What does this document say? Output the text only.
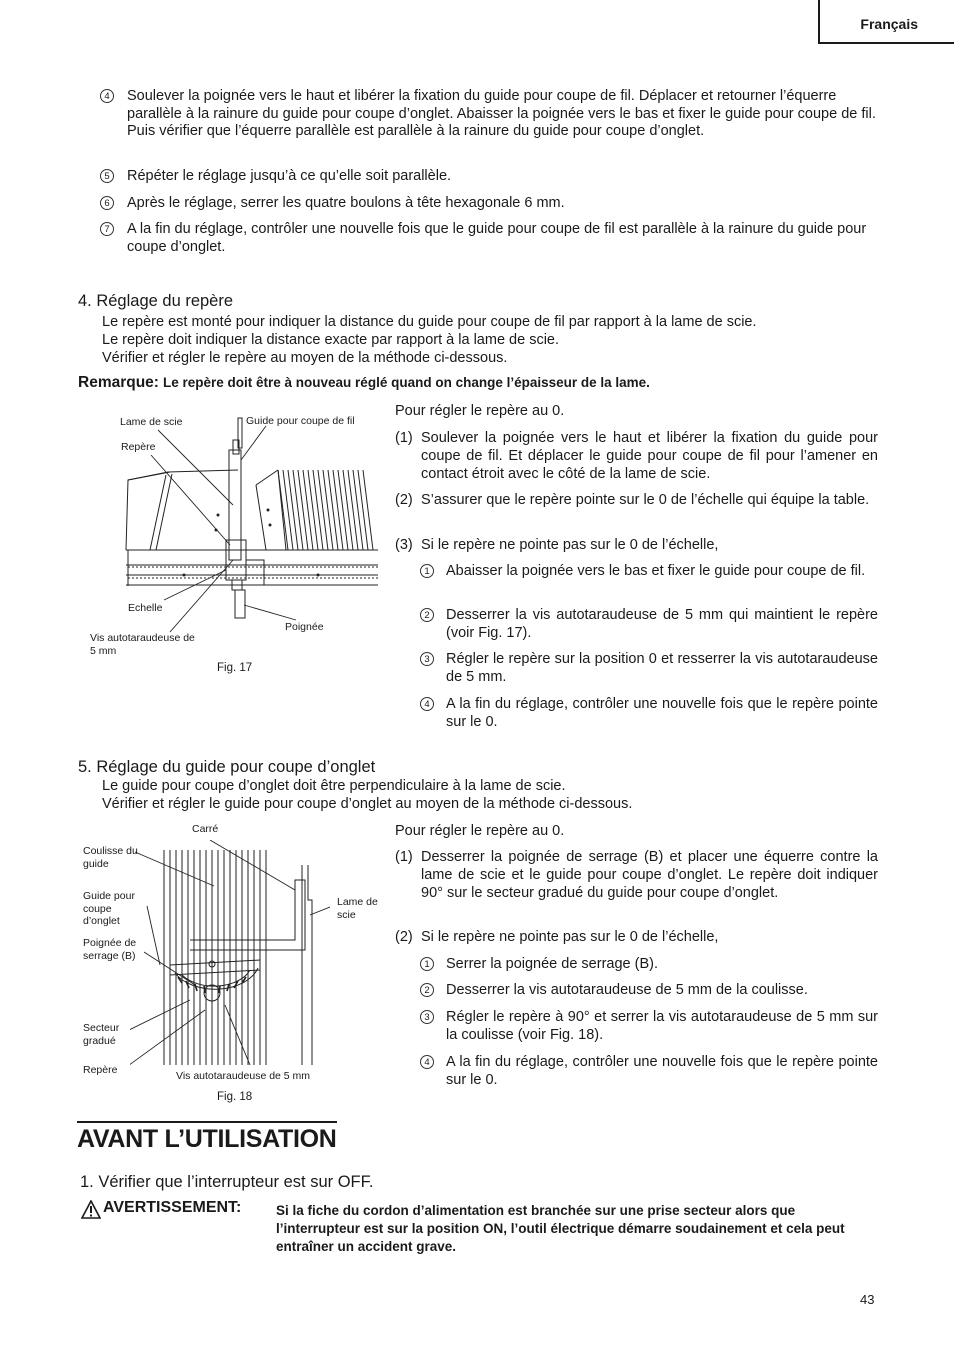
Français
4	Soulever la poignée vers le haut et libérer la fixation du guide pour coupe de fil. Déplacer et retourner l’équerre parallèle à la rainure du guide pour coupe d’onglet. Abaisser la poignée vers le bas et fixer le guide pour coupe de fil. Puis vérifier que l’équerre parallèle est parallèle à la rainure du guide pour coupe d’onglet.
5	Répéter le réglage jusqu’à ce qu’elle soit parallèle.
6	Après le réglage, serrer les quatre boulons à tête hexagonale 6 mm.
7	A la fin du réglage, contrôler une nouvelle fois que le guide pour coupe de fil est parallèle à la rainure du guide pour coupe d’onglet.
4. Réglage du repère
Le repère est monté pour indiquer la distance du guide pour coupe de fil par rapport à la lame de scie.
Le repère doit indiquer la distance exacte par rapport à la lame de scie.
Vérifier et régler le repère au moyen de la méthode ci-dessous.
Remarque: Le repère doit être à nouveau réglé quand on change l’épaisseur de la lame.
Lame de scie	Guide pour coupe de fil
Repère
Echelle
Poignée
Vis autotaraudeuse de 5 mm
Fig. 17
Pour régler le repère au 0.
(1) Soulever la poignée vers le haut et libérer la fixation du guide pour coupe de fil. Et déplacer le guide pour coupe de fil pour l’amener en contact étroit avec le côté de la lame de scie.
(2) S’assurer que le repère pointe sur le 0 de l’échelle qui équipe la table.
(3) Si le repère ne pointe pas sur le 0 de l’échelle,
1	Abaisser la poignée vers le bas et fixer le guide pour coupe de fil.
2	Desserrer la vis autotaraudeuse de 5 mm qui maintient le repère (voir Fig. 17).
3	Régler le repère sur la position 0 et resserrer la vis autotaraudeuse de 5 mm.
4	A la fin du réglage, contrôler une nouvelle fois que le repère pointe sur le 0.
5. Réglage du guide pour coupe d’onglet
Le guide pour coupe d’onglet doit être perpendiculaire à la lame de scie.
Vérifier et régler le guide pour coupe d’onglet au moyen de la méthode ci-dessous.
Carré
Coulisse du guide
Guide pour coupe d’onglet
Poignée de serrage (B)
Lame de scie
Secteur gradué
Repère	Vis autotaraudeuse de 5 mm
Fig. 18
Pour régler le repère au 0.
(1) Desserrer la poignée de serrage (B) et placer une équerre contre la lame de scie et le guide pour coupe d’onglet. Le repère doit indiquer 90° sur le secteur gradué du guide pour coupe d’onglet.
(2) Si le repère ne pointe pas sur le 0 de l’échelle,
1	Serrer la poignée de serrage (B).
2	Desserrer la vis autotaraudeuse de 5 mm de la coulisse.
3	Régler le repère à 90° et serrer la vis autotaraudeuse de 5 mm sur la coulisse (voir Fig. 18).
4	A la fin du réglage, contrôler une nouvelle fois que le repère pointe sur le 0.
AVANT L’UTILISATION
1. Vérifier que l’interrupteur est sur OFF.
AVERTISSEMENT:	Si la fiche du cordon d’alimentation est branchée sur une prise secteur alors que l’interrupteur est sur la position ON, l’outil électrique démarre soudainement et cela peut entraîner un accident grave.
43
